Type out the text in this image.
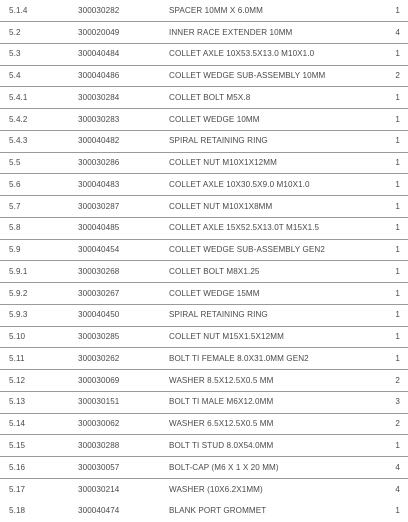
5.1.4	300030282	SPACER 10MM X 6.0MM	1
5.2	300020049	INNER RACE EXTENDER 10MM	4
5.3	300040484	COLLET AXLE 10X53.5X13.0 M10X1.0	1
5.4	300040486	COLLET WEDGE SUB-ASSEMBLY 10MM	2
5.4.1	300030284	COLLET BOLT M5X.8	1
5.4.2	300030283	COLLET WEDGE 10MM	1
5.4.3	300040482	SPIRAL RETAINING RING	1
5.5	300030286	COLLET NUT M10X1X12MM	1
5.6	300040483	COLLET AXLE 10X30.5X9.0 M10X1.0	1
5.7	300030287	COLLET NUT M10X1X8MM	1
5.8	300040485	COLLET AXLE 15X52.5X13.0T M15X1.5	1
5.9	300040454	COLLET WEDGE SUB-ASSEMBLY GEN2	1
5.9.1	300030268	COLLET BOLT M8X1.25	1
5.9.2	300030267	COLLET WEDGE 15MM	1
5.9.3	300040450	SPIRAL RETAINING RING	1
5.10	300030285	COLLET NUT M15X1.5X12MM	1
5.11	300030262	BOLT TI FEMALE 8.0X31.0MM GEN2	1
5.12	300030069	WASHER 8.5X12.5X0.5 MM	2
5.13	300030151	BOLT TI MALE M6X12.0MM	3
5.14	300030062	WASHER 6.5X12.5X0.5 MM	2
5.15	300030288	BOLT TI STUD 8.0X54.0MM	1
5.16	300030057	BOLT-CAP (M6 X 1 X 20 MM)	4
5.17	300030214	WASHER (10X6.2X1MM)	4
5.18	300040474	BLANK PORT GROMMET	1
